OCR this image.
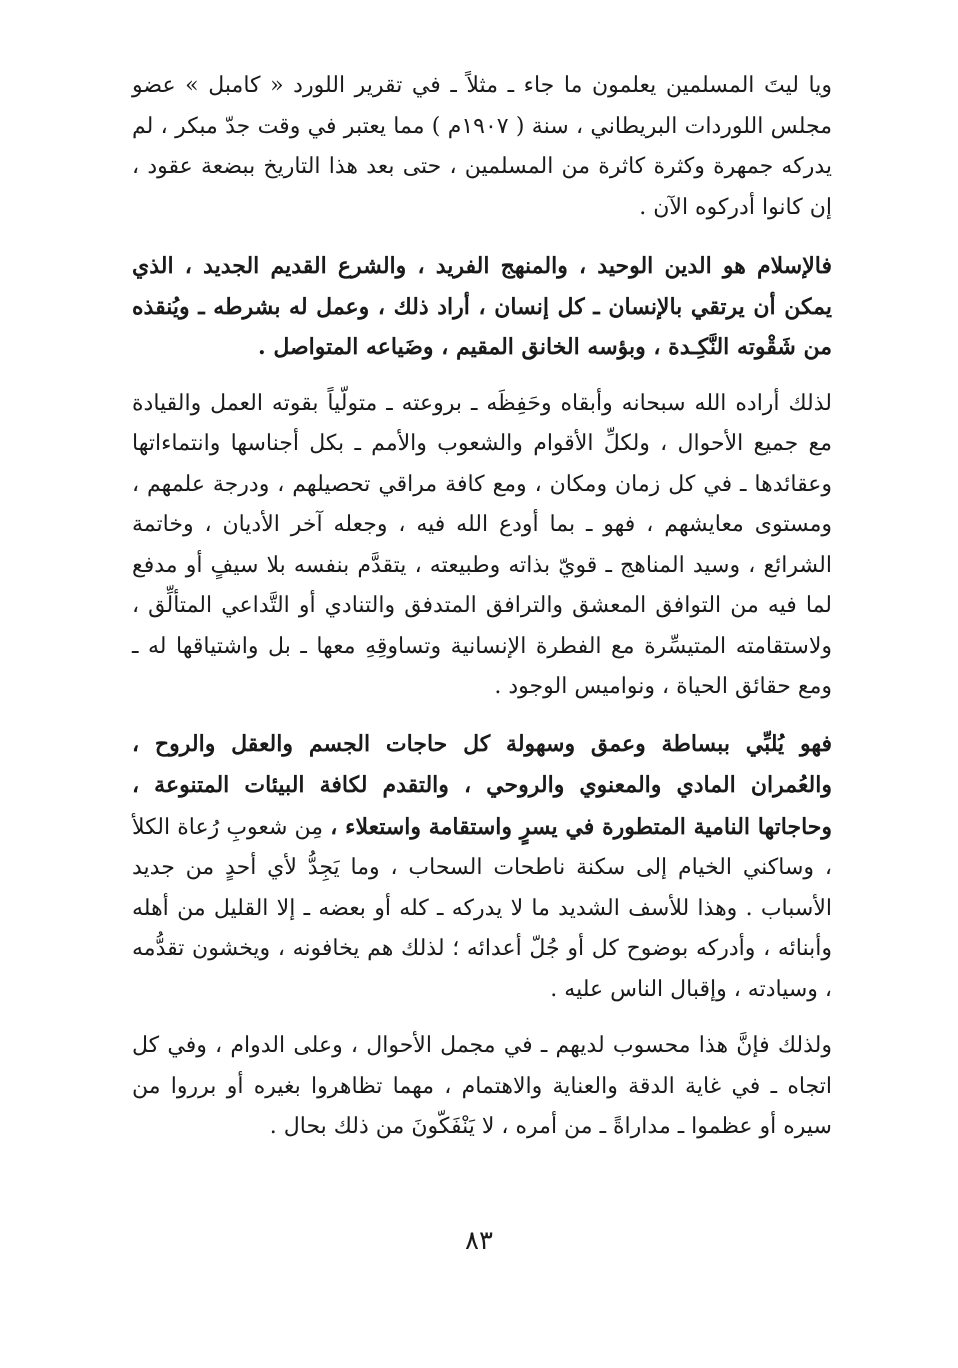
ويا ليتَ المسلمين يعلمون ما جاء ـ مثلاً ـ في تقرير اللورد « كامبل » عضو مجلس اللوردات البريطاني ، سنة ( ١٩٠٧م ) مما يعتبر في وقت جدّ مبكر ، لم يدركه جمهرة وكثرة كاثرة من المسلمين ، حتى بعد هذا التاريخ ببضعة عقود ، إن كانوا أدركوه الآن .

فالإسلام هو الدين الوحيد ، والمنهج الفريد ، والشرع القديم الجديد ، الذي يمكن أن يرتقي بالإنسان ـ كل إنسان ، أراد ذلك ، وعمل له بشرطه ـ ويُنقذه من شَقْوته النَّكِـدة ، وبؤسه الخانق المقيم ، وضَياعه المتواصل .

لذلك أراده الله سبحانه وأبقاه وحَفِظَه ـ بروعته ـ متولّياً بقوته العمل والقيادة مع جميع الأحوال ، ولكلِّ الأقوام والشعوب والأمم ـ بكل أجناسها وانتماءاتها وعقائدها ـ في كل زمان ومكان ، ومع كافة مراقي تحصيلهم ، ودرجة علمهم ، ومستوى معايشهم ، فهو ـ بما أودع الله فيه ، وجعله آخر الأديان ، وخاتمة الشرائع ، وسيد المناهج ـ قويّ بذاته وطبيعته ، يتقدَّم بنفسه بلا سيفٍ أو مدفع لما فيه من التوافق المعشق والترافق المتدفق والتنادي أو التَّداعي المتألِّق ، ولاستقامته المتيسِّرة مع الفطرة الإنسانية وتساوقِهِ معها ـ بل واشتياقها له ـ ومع حقائق الحياة ، ونواميس الوجود .

فهو يُلبِّي ببساطة وعمق وسهولة كل حاجات الجسم والعقل والروح ، والعُمران المادي والمعنوي والروحي ، والتقدم لكافة البيئات المتنوعة ، وحاجاتها النامية المتطورة في يسرٍ واستقامة واستعلاء ، مِن شعوبِ رُعاة الكلأ ، وساكني الخيام إلى سكنة ناطحات السحاب ، وما يَجِدُّ لأي أحدٍ من جديد الأسباب . وهذا للأسف الشديد ما لا يدركه ـ كله أو بعضه ـ إلا القليل من أهله وأبنائه ، وأدركه بوضوح كل أو جُلّ أعدائه ؛ لذلك هم يخافونه ، ويخشون تقدُّمه ، وسيادته ، وإقبال الناس عليه .

ولذلك فإنَّ هذا محسوب لديهم ـ في مجمل الأحوال ، وعلى الدوام ، وفي كل اتجاه ـ في غاية الدقة والعناية والاهتمام ، مهما تظاهروا بغيره أو برروا من سيره أو عظموا ـ مداراةً ـ من أمره ، لا يَنْفَكّونَ من ذلك بحال .

٨٣
